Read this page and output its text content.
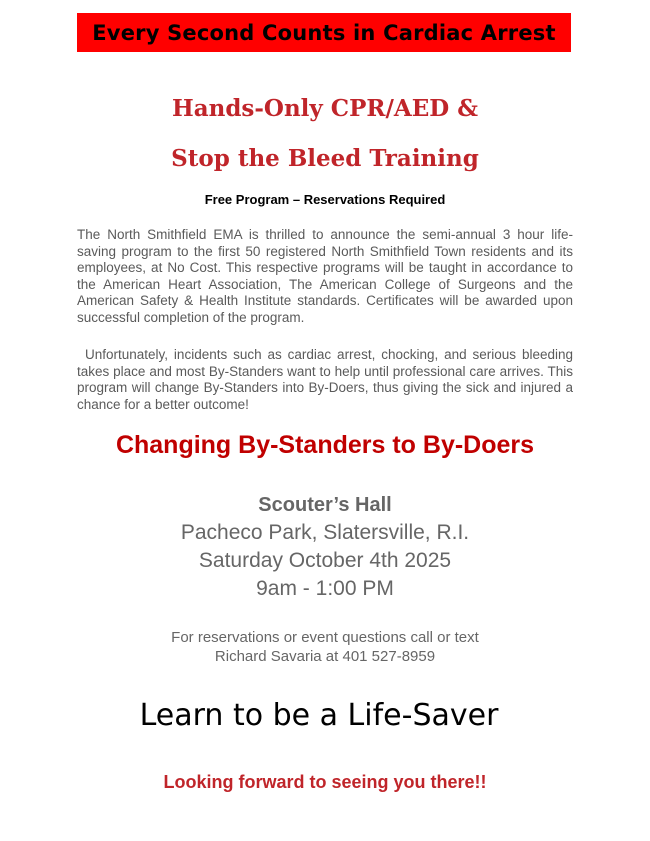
Every Second Counts in Cardiac Arrest
Hands-Only CPR/AED &
Stop the Bleed Training
Free Program – Reservations Required

The North Smithfield EMA is thrilled to announce the semi-annual 3 hour life-saving program to the first 50 registered North Smithfield Town residents and its employees, at No Cost. This respective programs will be taught in accordance to the American Heart Association, The American College of Surgeons and the American Safety & Health Institute standards. Certificates will be awarded upon successful completion of the program.

Unfortunately, incidents such as cardiac arrest, chocking, and serious bleeding takes place and most By-Standers want to help until professional care arrives. This program will change By-Standers into By-Doers, thus giving the sick and injured a chance for a better outcome!

Changing By-Standers to By-Doers
Scouter’s Hall
Pacheco Park, Slatersville, R.I.
Saturday October 4th 2025
9am - 1:00 PM
For reservations or event questions call or text
Richard Savaria at 401 527-8959
Learn to be a Life-Saver
Looking forward to seeing you there!!
